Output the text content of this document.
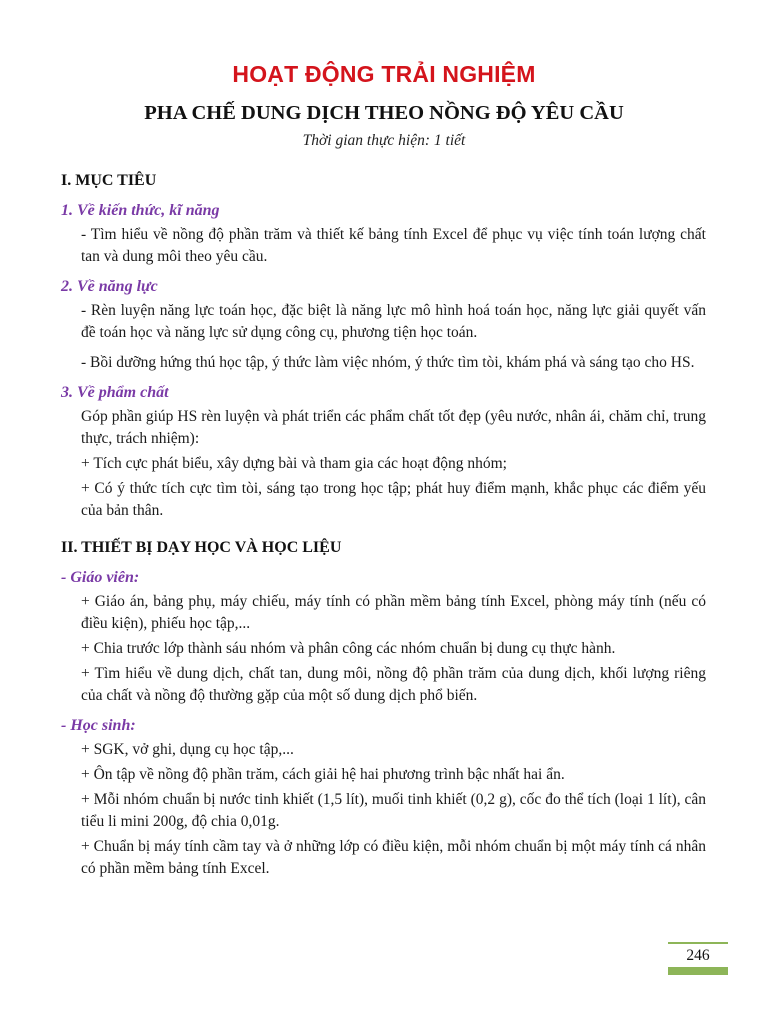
HOẠT ĐỘNG TRẢI NGHIỆM
PHA CHẾ DUNG DỊCH THEO NỒNG ĐỘ YÊU CẦU
Thời gian thực hiện: 1 tiết

I. MỤC TIÊU

1. Về kiến thức, kĩ năng

- Tìm hiểu về nồng độ phần trăm và thiết kế bảng tính Excel để phục vụ việc tính toán lượng chất tan và dung môi theo yêu cầu.

2. Về năng lực

- Rèn luyện năng lực toán học, đặc biệt là năng lực mô hình hoá toán học, năng lực giải quyết vấn đề toán học và năng lực sử dụng công cụ, phương tiện học toán.

- Bồi dưỡng hứng thú học tập, ý thức làm việc nhóm, ý thức tìm tòi, khám phá và sáng tạo cho HS.

3. Về phẩm chất

Góp phần giúp HS rèn luyện và phát triển các phẩm chất tốt đẹp (yêu nước, nhân ái, chăm chỉ, trung thực, trách nhiệm):

+ Tích cực phát biểu, xây dựng bài và tham gia các hoạt động nhóm;

+ Có ý thức tích cực tìm tòi, sáng tạo trong học tập; phát huy điểm mạnh, khắc phục các điểm yếu của bản thân.

II. THIẾT BỊ DẠY HỌC VÀ HỌC LIỆU

- Giáo viên:

+ Giáo án, bảng phụ, máy chiếu, máy tính có phần mềm bảng tính Excel, phòng máy tính (nếu có điều kiện), phiếu học tập,...

+ Chia trước lớp thành sáu nhóm và phân công các nhóm chuẩn bị dung cụ thực hành.

+ Tìm hiểu về dung dịch, chất tan, dung môi, nồng độ phần trăm của dung dịch, khối lượng riêng của chất và nồng độ thường gặp của một số dung dịch phổ biến.

- Học sinh:

+ SGK, vở ghi, dụng cụ học tập,...

+ Ôn tập về nồng độ phần trăm, cách giải hệ hai phương trình bậc nhất hai ẩn.

+ Mỗi nhóm chuẩn bị nước tinh khiết (1,5 lít), muối tinh khiết (0,2 g), cốc đo thể tích (loại 1 lít), cân tiểu li mini 200g, độ chia 0,01g.

+ Chuẩn bị máy tính cầm tay và ở những lớp có điều kiện, mỗi nhóm chuẩn bị một máy tính cá nhân có phần mềm bảng tính Excel.

246
